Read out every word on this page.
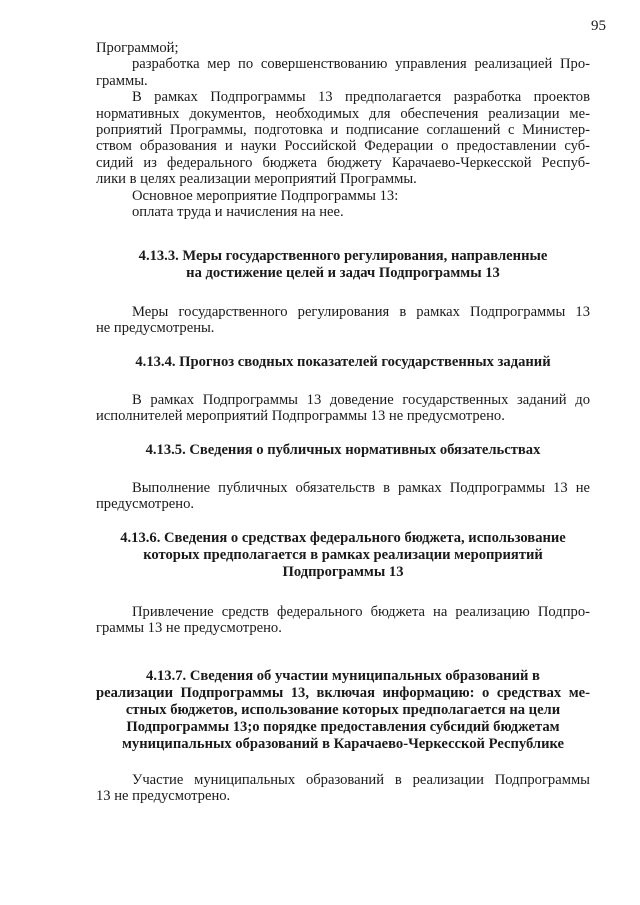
95

Программой;

разработка мер по совершенствованию управления реализацией Про-

граммы.

В рамках Подпрограммы 13 предполагается разработка проектов

нормативных документов, необходимых для обеспечения реализации ме-

роприятий Программы, подготовка и подписание соглашений с Министер-

ством образования и науки Российской Федерации о предоставлении суб-

сидий из федерального бюджета бюджету Карачаево-Черкесской Респуб-

лики в целях реализации мероприятий Программы.

Основное мероприятие Подпрограммы 13:

оплата труда и начисления на нее.

4.13.3. Меры государственного регулирования, направленные
на достижение целей и задач Подпрограммы 13

Меры государственного регулирования в рамках Подпрограммы 13

не предусмотрены.

4.13.4. Прогноз сводных показателей государственных заданий

В рамках Подпрограммы 13 доведение государственных заданий до

исполнителей мероприятий Подпрограммы 13 не предусмотрено.

4.13.5. Сведения о публичных нормативных обязательствах

Выполнение публичных обязательств в рамках Подпрограммы 13 не

предусмотрено.

4.13.6. Сведения о средствах федерального бюджета, использование
которых предполагается в рамках реализации мероприятий
Подпрограммы 13

Привлечение средств федерального бюджета на реализацию Подпро-

граммы 13 не предусмотрено.

4.13.7. Сведения об участии муниципальных образований в
реализации Подпрограммы 13, включая информацию: о средствах ме-
стных бюджетов, использование которых предполагается на цели
Подпрограммы 13;о порядке предоставления субсидий бюджетам
муниципальных образований в Карачаево-Черкесской Республике

Участие муниципальных образований в реализации Подпрограммы

13 не предусмотрено.
